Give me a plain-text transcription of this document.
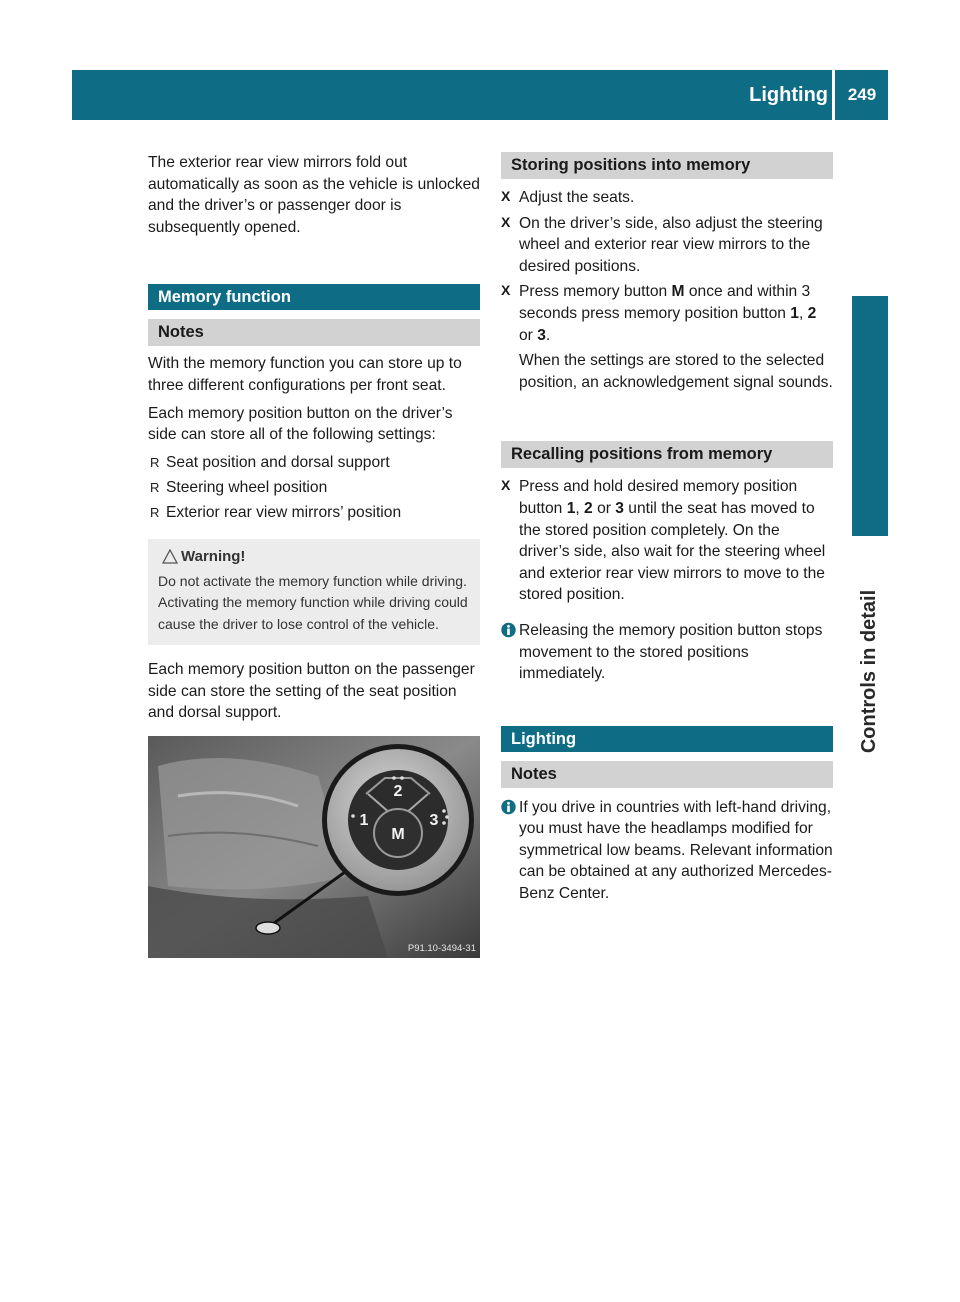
Lighting	249
Controls in detail

The exterior rear view mirrors fold out automatically as soon as the vehicle is unlocked and the driver’s or passenger door is subsequently opened.

Memory function
Notes

With the memory function you can store up to three different configurations per front seat.

Each memory position button on the driver’s side can store all of the following settings:

R Seat position and dorsal support
R Steering wheel position
R Exterior rear view mirrors’ position
Warning!

Do not activate the memory function while driving. Activating the memory function while driving could cause the driver to lose control of the vehicle.

Each memory position button on the passenger side can store the setting of the seat position and dorsal support.

M
1
2
3
P91.10-3494-31
Storing positions into memory
X Adjust the seats.

X On the driver’s side, also adjust the steering wheel and exterior rear view mirrors to the desired positions.

X Press memory button M once and within 3 seconds press memory position button 1, 2 or 3.

When the settings are stored to the selected position, an acknowledgement signal sounds.

Recalling positions from memory
X Press and hold desired memory position button 1, 2 or 3 until the seat has moved to the stored position completely. On the driver’s side, also wait for the steering wheel and exterior rear view mirrors to move to the stored position.

Releasing the memory position button stops movement to the stored positions immediately.

Lighting
Notes

If you drive in countries with left-hand driving, you must have the headlamps modified for symmetrical low beams. Relevant information can be obtained at any authorized Mercedes-Benz Center.
